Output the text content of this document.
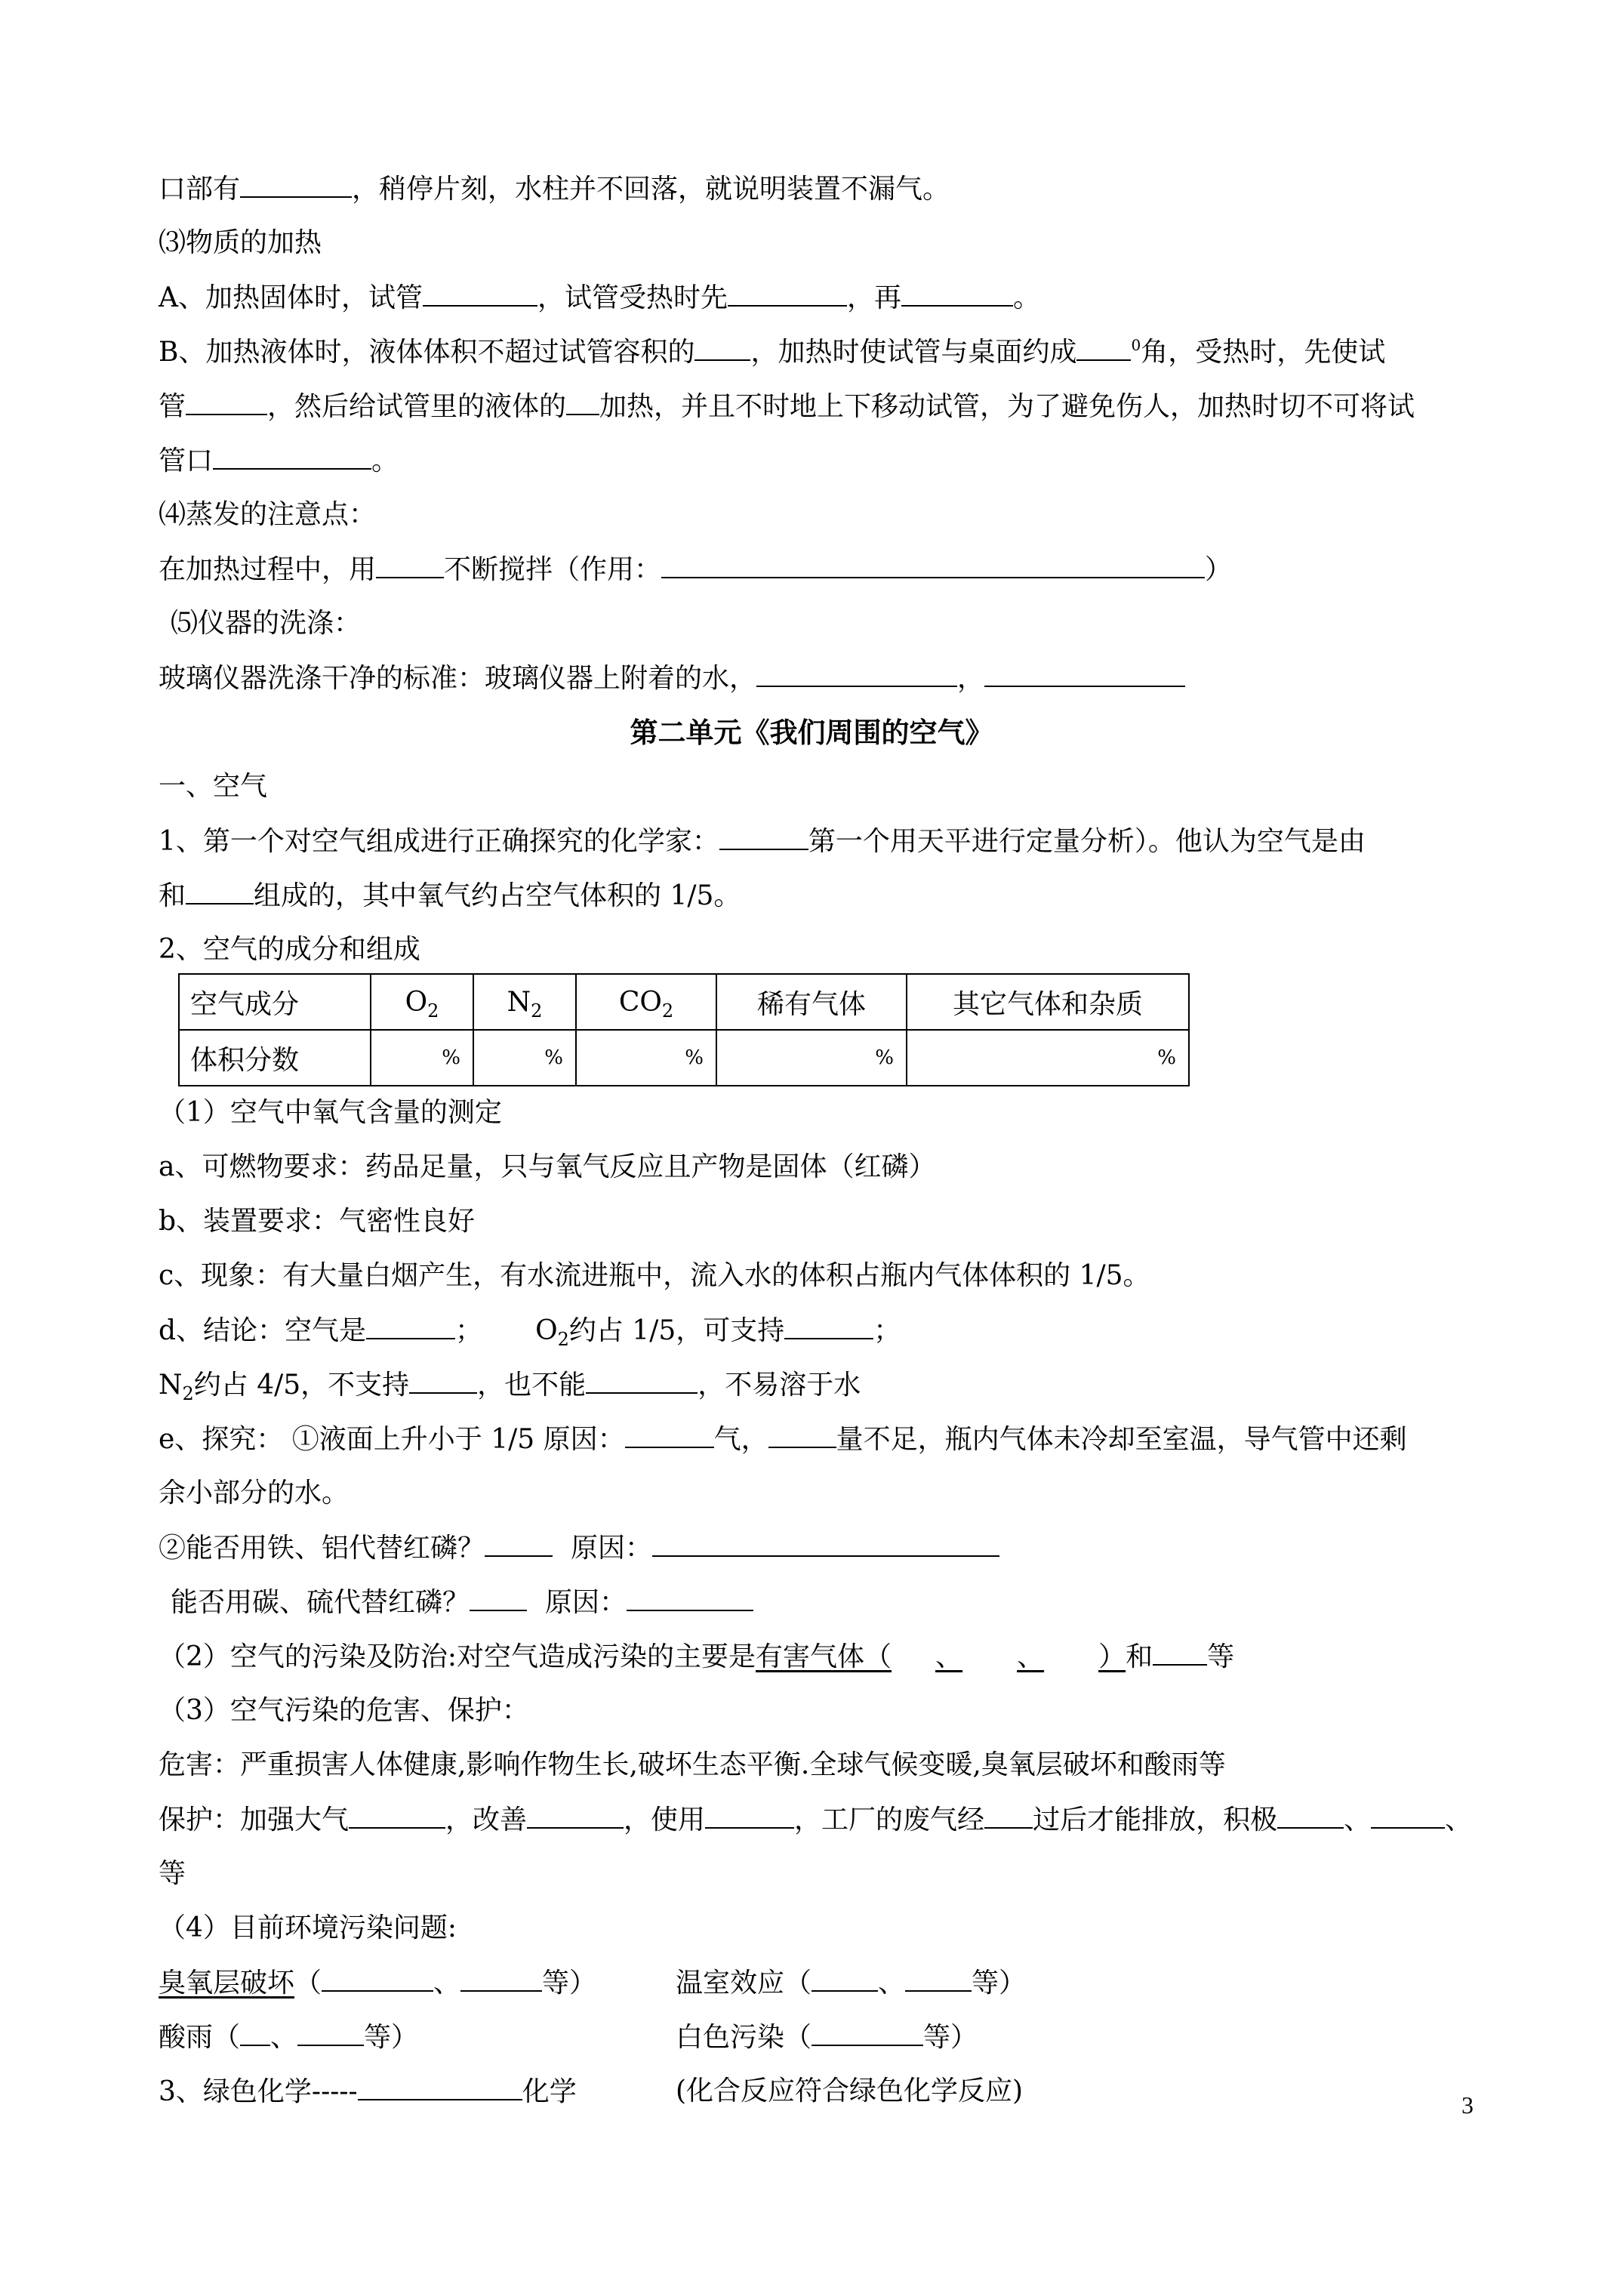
口部有	，稍停片刻，水柱并不回落，就说明装置不漏气。
⑶物质的加热
A、加热固体时，试管	，试管受热时先	，再	。
B、加热液体时，液体体积不超过试管容积的 ，加热时使试管与桌面约成	$^0$角，受热时，先使试
管	，然后给试管里的液体的 加热，并且不时地上下移动试管，为了避免伤人，加热时切不可将试
管口	。
⑷蒸发的注意点：
在加热过程中，用	不断搅拌（作用：	）
⑸仪器的洗涤：
玻璃仪器洗涤干净的标准：玻璃仪器上附着的水，	，
第二单元《我们周围的空气》
一、空气
1、第一个对空气组成进行正确探究的化学家：	第一个用天平进行定量分析）。他认为空气是由
和	组成的，其中氧气约占空气体积的 1/5。
2、空气的成分和组成
空气成分	$O_2$	$N_2$	$CO_2$	稀有气体	其它气体和杂质
体积分数	%	%	%	%	%
（1）空气中氧气含量的测定
a、可燃物要求：药品足量，只与氧气反应且产物是固体（红磷）
b、装置要求：气密性良好
c、现象：有大量白烟产生，有水流进瓶中，流入水的体积占瓶内气体体积的 1/5。
d、结论：空气是	； $O_2$约占 1/5，可支持	；
$N_2$约占 4/5，不支持	，也不能	，不易溶于水
e、探究： ①液面上升小于 1/5 原因：	气，	量不足，瓶内气体未冷却至室温，导气管中还剩
余小部分的水。
②能否用铁、铝代替红磷？	原因：
能否用碳、硫代替红磷？	原因：
（2）空气的污染及防治:对空气造成污染的主要是有害气体（ 、 、 ）和 等
（3）空气污染的危害、保护：
危害：严重损害人体健康,影响作物生长,破坏生态平衡.全球气候变暖,臭氧层破坏和酸雨等
保护：加强大气	，改善	，使用	，工厂的废气经 过后才能排放，积极 、	、
等
（4）目前环境污染问题:
臭氧层破坏（	、	等）	温室效应（ 、 等）
酸雨（ 、 等）	白色污染（	等）
3、绿色化学-----	化学	(化合反应符合绿色化学反应)	3
